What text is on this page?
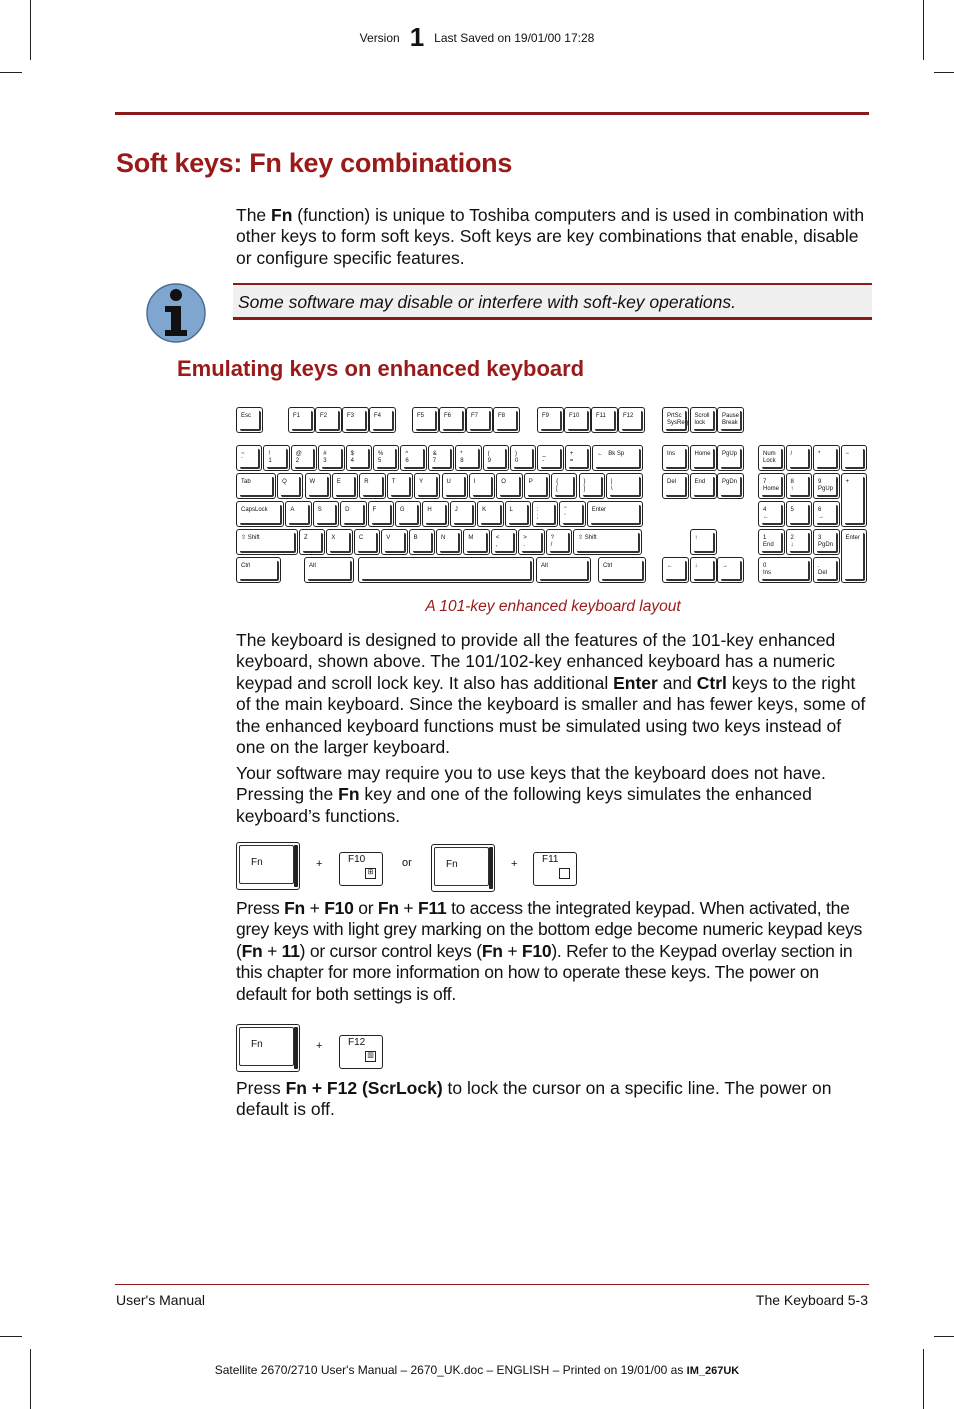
Version 1 Last Saved on 19/01/00 17:28
Soft keys: Fn key combinations

The Fn (function) is unique to Toshiba computers and is used in combination with other keys to form soft keys. Soft keys are key combinations that enable, disable or configure specific features.

Some software may disable or interfere with soft-key operations.
Emulating keys on enhanced keyboard
Esc	F1	F2	F3	F4	F5	F6	F7	F8	F9	F10	F11	F12	PrtSc
SysReq
Scroll
lock
Pause
Break
~
`
!
1
@
2
#
3
$
4
%
5
^
6
&
7
*
8
(
9
)
0
_
-
+
=
←   Bk Sp
Tab	Q	W	E	R	T	Y	U	I	O	P	{
[
}
]
|
\
CapsLock	A	S	D	F	G	H	J	K	L	:
;
"
'
Enter
⇧ Shift	Z	X	C	V	B	N	M	<
,
>
.
?
/
⇧ Shift
Ctrl	Alt	Alt	Ctrl
Ins	Home PgUp
Del	End	PgDn
↑
←	↓	→
Num
Lock
/	*	−
7
Home
8
↑
9
PgUp
+
4
←
5	6
→
1
End
2
↓
3
PgDn
Enter
0
Ins
.
Del
A 101-key enhanced keyboard layout

The keyboard is designed to provide all the features of the 101-key enhanced keyboard, shown above. The 101/102-key enhanced keyboard has a numeric keypad and scroll lock key. It also has additional Enter and Ctrl keys to the right of the main keyboard. Since the keyboard is smaller and has fewer keys, some of the enhanced keyboard functions must be simulated using two keys instead of one on the larger keyboard.

Your software may require you to use keys that the keyboard does not have. Pressing the Fn key and one of the following keys simulates the enhanced keyboard’s functions.

Fn	+	F10
⊞
or	Fn	+ F11

Press Fn + F10 or Fn + F11 to access the integrated keypad. When activated, the grey keys with light grey marking on the bottom edge become numeric keypad keys (Fn + 11) or cursor control keys (Fn + F10). Refer to the Keypad overlay section in this chapter for more information on how to operate these keys. The power on default for both settings is off.

Fn	+	F12
▥

Press Fn + F12 (ScrLock) to lock the cursor on a specific line. The power on default is off.

User's Manual	The Keyboard 5-3
Satellite 2670/2710 User's Manual – 2670_UK.doc – ENGLISH – Printed on 19/01/00 as IM_267UK
